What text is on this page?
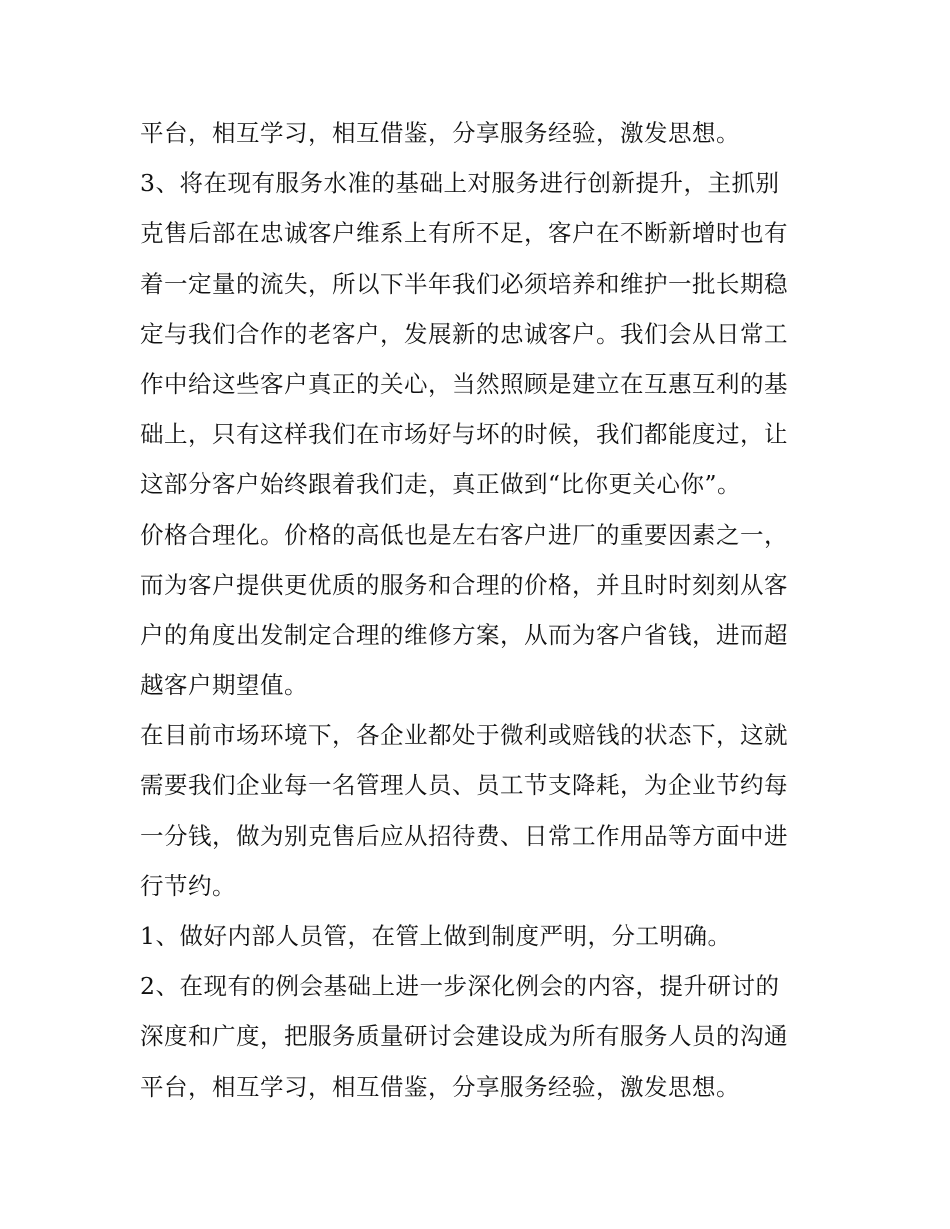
平台，相互学习，相互借鉴，分享服务经验，激发思想。
3、将在现有服务水准的基础上对服务进行创新提升，主抓别
克售后部在忠诚客户维系上有所不足，客户在不断新增时也有
着一定量的流失，所以下半年我们必须培养和维护一批长期稳
定与我们合作的老客户，发展新的忠诚客户。我们会从日常工
作中给这些客户真正的关心，当然照顾是建立在互惠互利的基
础上，只有这样我们在市场好与坏的时候，我们都能度过，让
这部分客户始终跟着我们走，真正做到“比你更关心你”。
价格合理化。价格的高低也是左右客户进厂的重要因素之一，
而为客户提供更优质的服务和合理的价格，并且时时刻刻从客
户的角度出发制定合理的维修方案，从而为客户省钱，进而超
越客户期望值。
在目前市场环境下，各企业都处于微利或赔钱的状态下，这就
需要我们企业每一名管理人员、员工节支降耗，为企业节约每
一分钱，做为别克售后应从招待费、日常工作用品等方面中进
行节约。
1、做好内部人员管，在管上做到制度严明，分工明确。
2、在现有的例会基础上进一步深化例会的内容，提升研讨的
深度和广度，把服务质量研讨会建设成为所有服务人员的沟通
平台，相互学习，相互借鉴，分享服务经验，激发思想。
